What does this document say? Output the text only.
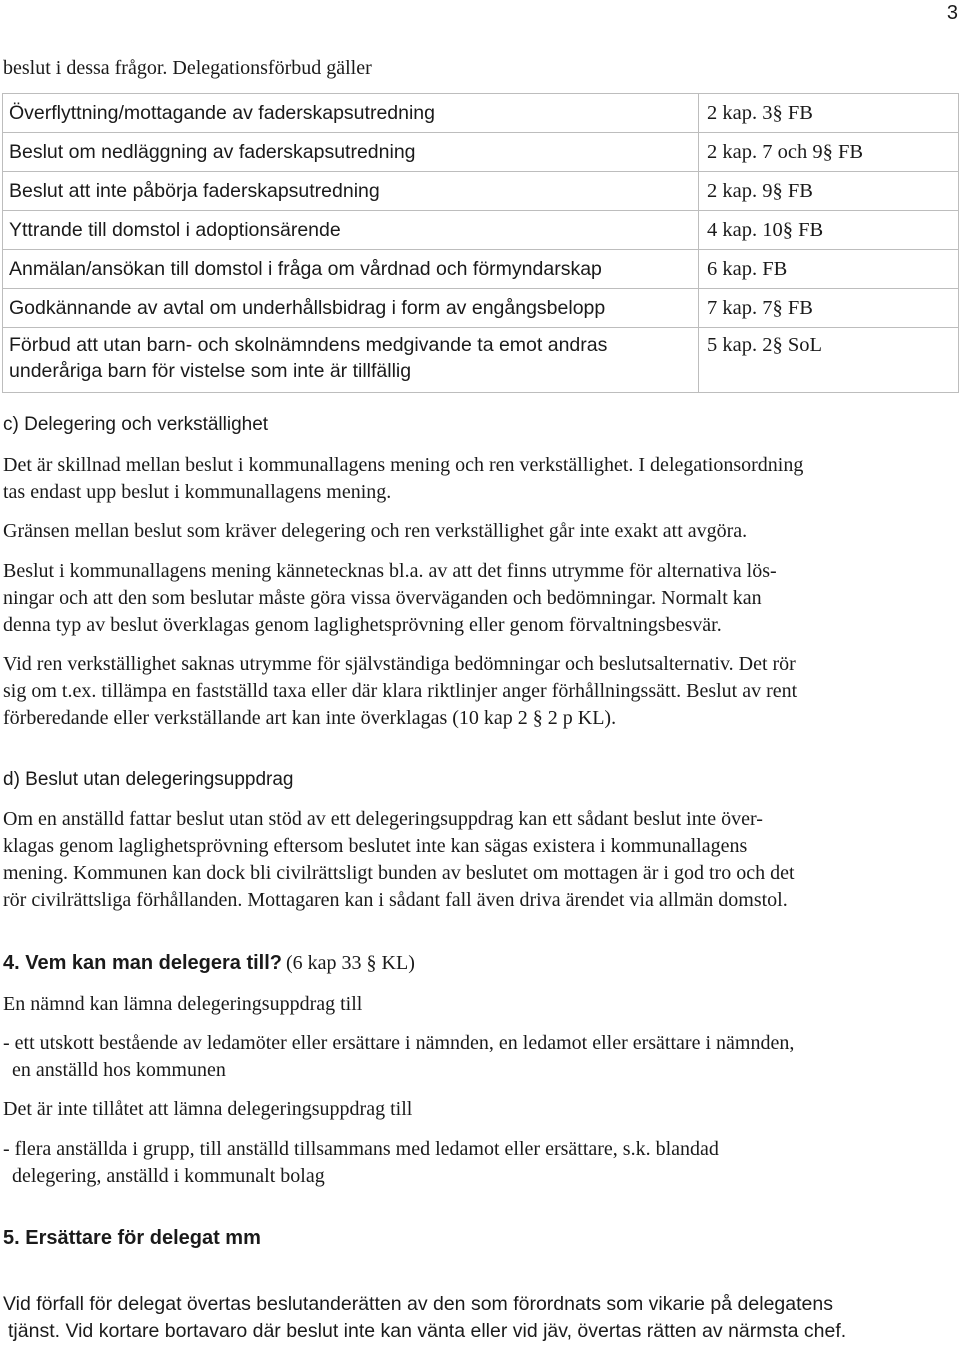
3
beslut i dessa frågor. Delegationsförbud gäller
Överflyttning/mottagande av faderskapsutredning	2 kap. 3§ FB
Beslut om nedläggning av faderskapsutredning	2 kap. 7 och 9§ FB
Beslut att inte påbörja faderskapsutredning	2 kap. 9§ FB
Yttrande till domstol i adoptionsärende	4 kap. 10§ FB
Anmälan/ansökan till domstol i fråga om vårdnad och förmyndarskap	6 kap. FB
Godkännande av avtal om underhållsbidrag i form av engångsbelopp	7 kap. 7§ FB

Förbud att utan barn- och skolnämndens medgivande ta emot andras
underåriga barn för vistelse som inte är tillfällig	5 kap. 2§ SoL
c) Delegering och verkställighet
Det är skillnad mellan beslut i kommunallagens mening och ren verkställighet. I delegationsordning
tas endast upp beslut i kommunallagens mening.
Gränsen mellan beslut som kräver delegering och ren verkställighet går inte exakt att avgöra.
Beslut i kommunallagens mening kännetecknas bl.a. av att det finns utrymme för alternativa lös-
ningar och att den som beslutar måste göra vissa överväganden och bedömningar. Normalt kan
denna typ av beslut överklagas genom laglighetsprövning eller genom förvaltningsbesvär.
Vid ren verkställighet saknas utrymme för självständiga bedömningar och beslutsalternativ. Det rör
sig om t.ex. tillämpa en fastställd taxa eller där klara riktlinjer anger förhållningssätt. Beslut av rent
förberedande eller verkställande art kan inte överklagas (10 kap 2 § 2 p KL).
d) Beslut utan delegeringsuppdrag
Om en anställd fattar beslut utan stöd av ett delegeringsuppdrag kan ett sådant beslut inte över-
klagas genom laglighetsprövning eftersom beslutet inte kan sägas existera i kommunallagens
mening. Kommunen kan dock bli civilrättsligt bunden av beslutet om mottagen är i god tro och det
rör civilrättsliga förhållanden. Mottagaren kan i sådant fall även driva ärendet via allmän domstol.
4. Vem kan man delegera till? (6 kap 33 § KL)
En nämnd kan lämna delegeringsuppdrag till
- ett utskott bestående av ledamöter eller ersättare i nämnden, en ledamot eller ersättare i nämnden,
en anställd hos kommunen
Det är inte tillåtet att lämna delegeringsuppdrag till
- flera anställda i grupp, till anställd tillsammans med ledamot eller ersättare, s.k. blandad
delegering, anställd i kommunalt bolag
5. Ersättare för delegat mm
Vid förfall för delegat övertas beslutanderätten av den som förordnats som vikarie på delegatens
tjänst. Vid kortare bortavaro där beslut inte kan vänta eller vid jäv, övertas rätten av närmsta chef.
